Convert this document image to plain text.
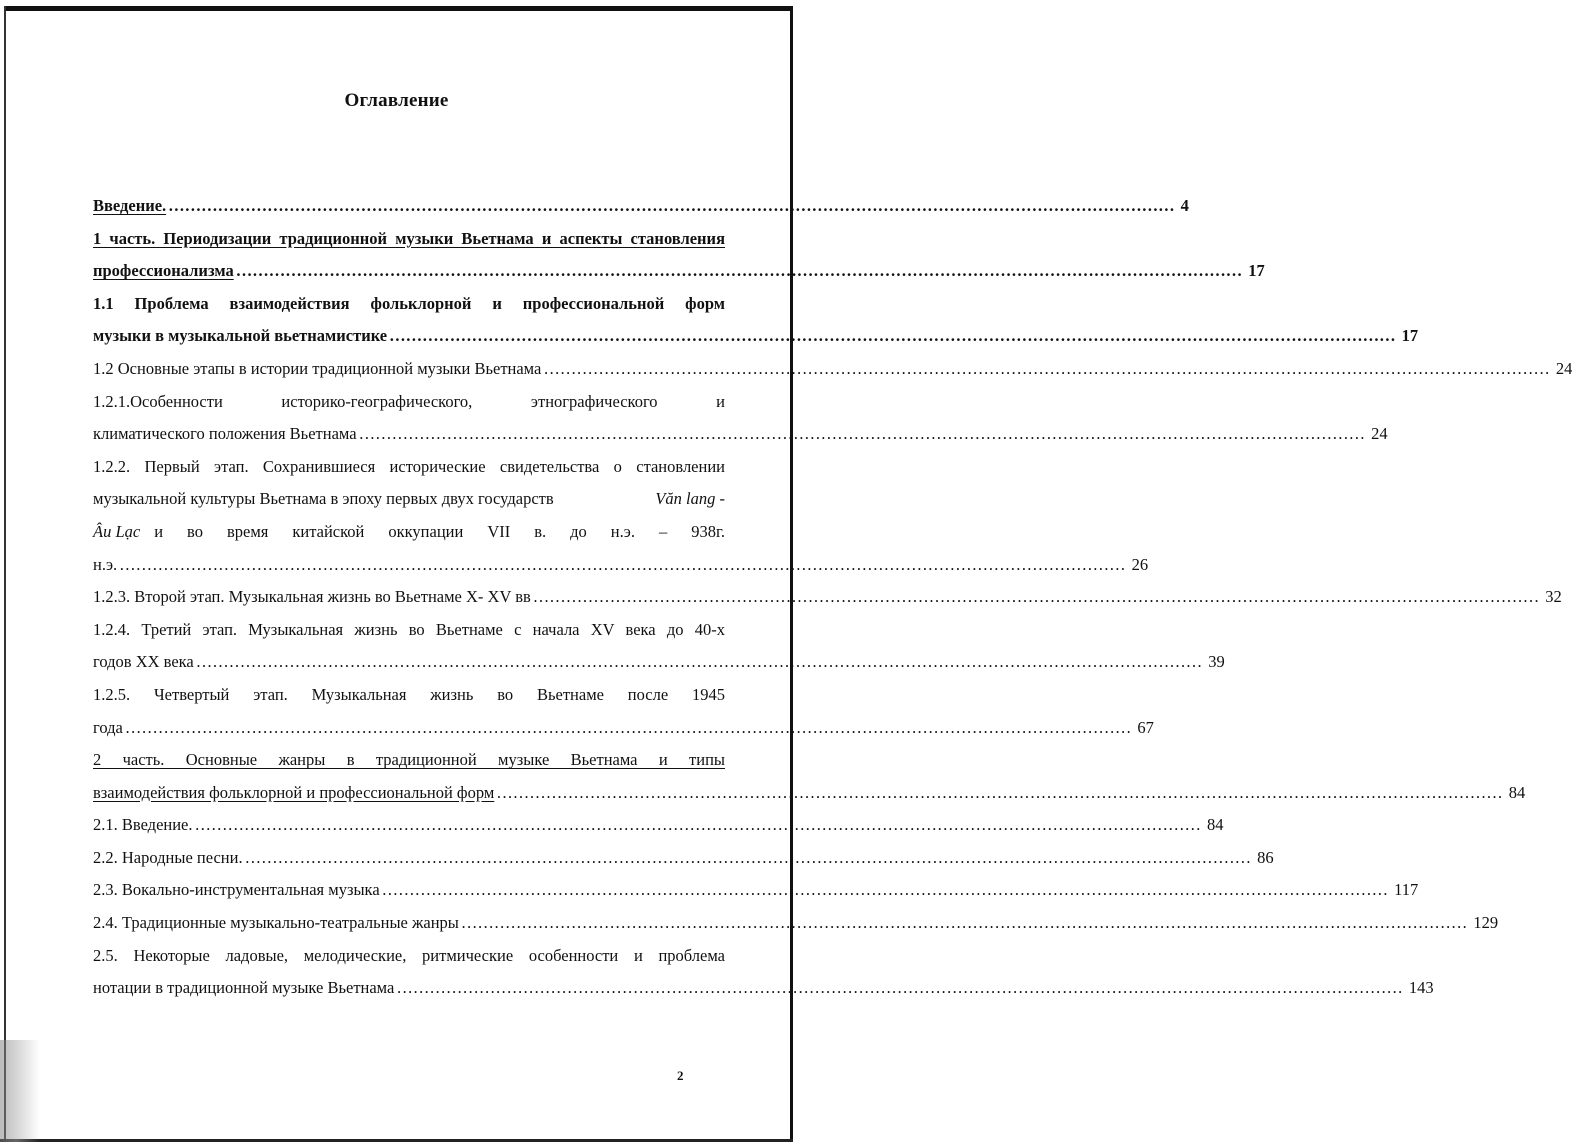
Оглавление
Введение. ………………………………………………………………………………………………………………………………………………………………… 4
1 часть. Периодизации традиционной музыки Вьетнама и аспекты становления
профессионализма ………………………………………………………………………………………………………………………………………………………………… 17
1.1 Проблема взаимодействия фольклорной и профессиональной форм
музыки в музыкальной вьетнамистике ………………………………………………………………………………………………………………………………………………………………… 17
1.2 Основные этапы в истории традиционной музыки Вьетнама ………………………………………………………………………………………………………………………………………………………………… 24
1.2.1.Особенности историко-географического, этнографического и
климатического положения Вьетнама ………………………………………………………………………………………………………………………………………………………………… 24
1.2.2. Первый этап. Сохранившиеся исторические свидетельства о становлении
музыкальной культуры Вьетнама в эпоху первых двух государств	Văn lang -
Âu Lạc и во время китайской оккупации VII в. до н.э. – 938г.
н.э. ………………………………………………………………………………………………………………………………………………………………… 26
1.2.3. Второй этап. Музыкальная жизнь во Вьетнаме X- XV вв ………………………………………………………………………………………………………………………………………………………………… 32
1.2.4. Третий этап. Музыкальная жизнь во Вьетнаме с начала XV века до 40-х
годов XX века ………………………………………………………………………………………………………………………………………………………………… 39
1.2.5. Четвертый этап. Музыкальная жизнь во Вьетнаме после 1945
года ………………………………………………………………………………………………………………………………………………………………… 67
2 часть. Основные жанры в традиционной музыке Вьетнама и типы
взаимодействия фольклорной и профессиональной форм ………………………………………………………………………………………………………………………………………………………………… 84
2.1. Введение. ………………………………………………………………………………………………………………………………………………………………… 84
2.2. Народные песни. ………………………………………………………………………………………………………………………………………………………………… 86
2.3. Вокально-инструментальная музыка ………………………………………………………………………………………………………………………………………………………………… 117
2.4. Традиционные музыкально-театральные жанры ………………………………………………………………………………………………………………………………………………………………… 129
2.5. Некоторые ладовые, мелодические, ритмические особенности и проблема
нотации в традиционной музыке Вьетнама ………………………………………………………………………………………………………………………………………………………………… 143
2
